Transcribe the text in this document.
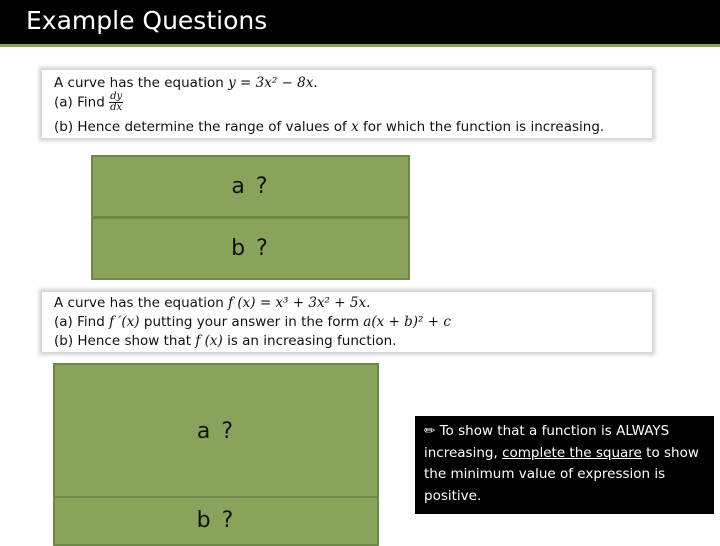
Example Questions
A curve has the equation y = 3x² − 8x.
(a) Find $\frac{dy}{dx}$
(b) Hence determine the range of values of x for which the function is increasing.
a ?
b ?
A curve has the equation f (x) = x³ + 3x² + 5x.
(a) Find f ′(x) putting your answer in the form a(x + b)² + c
(b) Hence show that f (x) is an increasing function.
a ?
b ?
✏ To show that a function is ALWAYS increasing, complete the square to show the minimum value of expression is positive.
